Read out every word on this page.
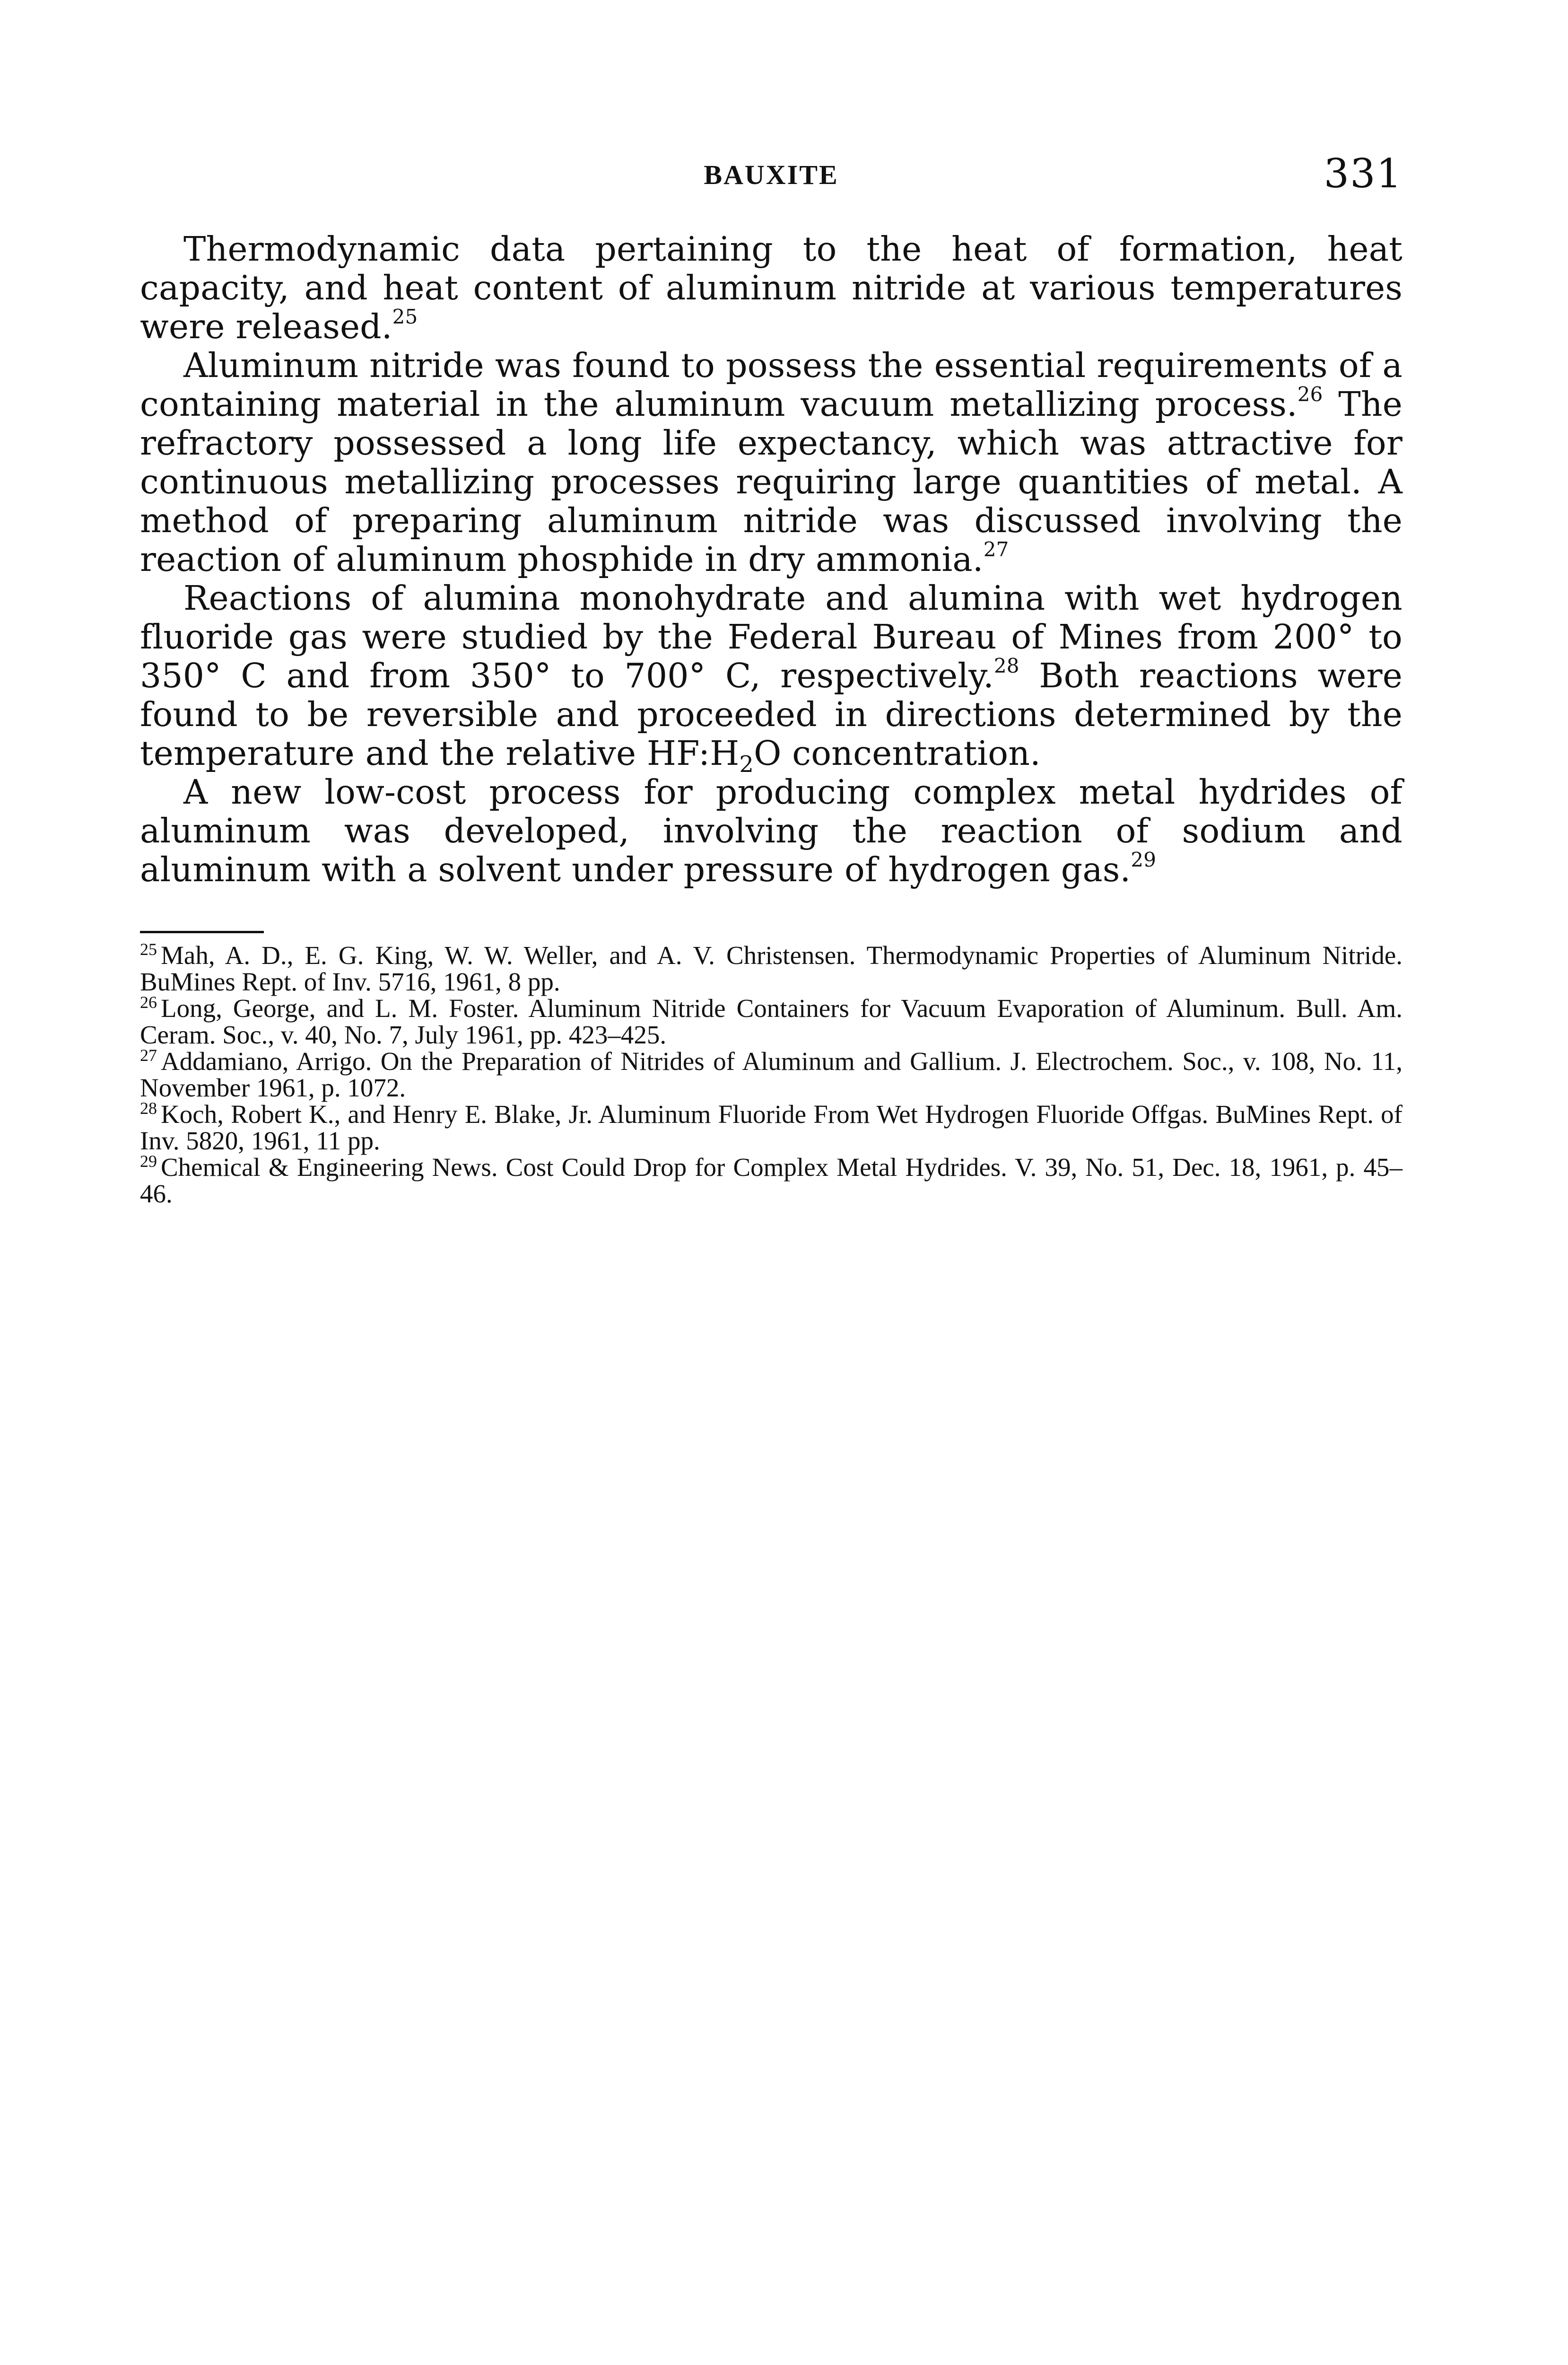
BAUXITE	331

Thermodynamic data pertaining to the heat of formation, heat capacity, and heat content of aluminum nitride at various temperatures were released.$^{25}$

Aluminum nitride was found to possess the essential requirements of a containing material in the aluminum vacuum metallizing process.$^{26}$ The refractory possessed a long life expectancy, which was attractive for continuous metallizing processes requiring large quantities of metal. A method of preparing aluminum nitride was discussed involving the reaction of aluminum phosphide in dry ammonia.$^{27}$

Reactions of alumina monohydrate and alumina with wet hydrogen fluoride gas were studied by the Federal Bureau of Mines from 200° to 350° C and from 350° to 700° C, respectively.$^{28}$ Both reactions were found to be reversible and proceeded in directions determined by the temperature and the relative $HF:H_2O$ concentration.

A new low-cost process for producing complex metal hydrides of aluminum was developed, involving the reaction of sodium and aluminum with a solvent under pressure of hydrogen gas.$^{29}$

$^{25}$ Mah, A. D., E. G. King, W. W. Weller, and A. V. Christensen. Thermodynamic Properties of Aluminum Nitride. BuMines Rept. of Inv. 5716, 1961, 8 pp.

$^{26}$ Long, George, and L. M. Foster. Aluminum Nitride Containers for Vacuum Evaporation of Aluminum. Bull. Am. Ceram. Soc., v. 40, No. 7, July 1961, pp. 423–425.

$^{27}$ Addamiano, Arrigo. On the Preparation of Nitrides of Aluminum and Gallium. J. Electrochem. Soc., v. 108, No. 11, November 1961, p. 1072.

$^{28}$ Koch, Robert K., and Henry E. Blake, Jr. Aluminum Fluoride From Wet Hydrogen Fluoride Offgas. BuMines Rept. of Inv. 5820, 1961, 11 pp.

$^{29}$ Chemical & Engineering News. Cost Could Drop for Complex Metal Hydrides. V. 39, No. 51, Dec. 18, 1961, p. 45–46.
